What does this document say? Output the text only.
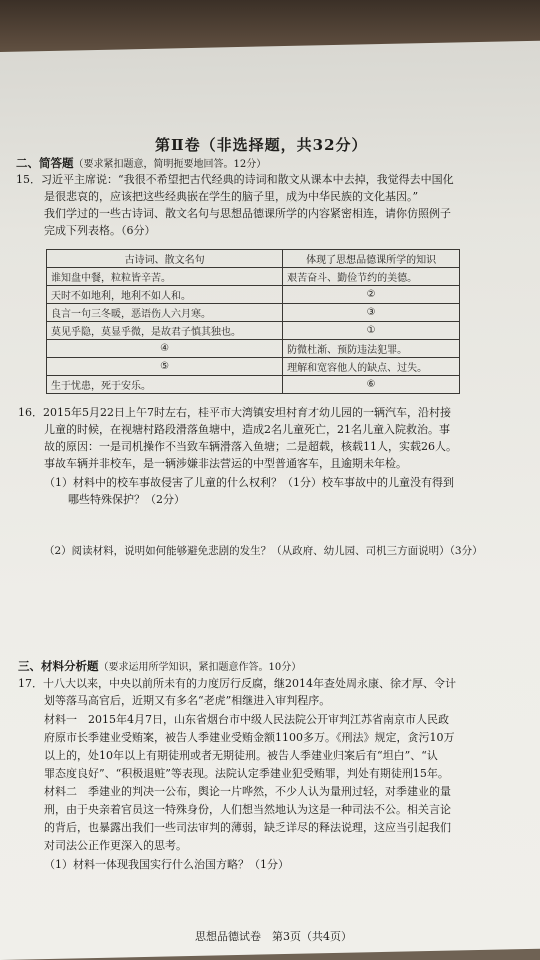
第Ⅱ卷（非选择题，共32分）
二、简答题（要求紧扣题意，简明扼要地回答。12分）
15．习近平主席说：“我很不希望把古代经典的诗词和散文从课本中去掉，我觉得去中国化
是很悲哀的，应该把这些经典嵌在学生的脑子里，成为中华民族的文化基因。”
我们学过的一些古诗词、散文名句与思想品德课所学的内容紧密相连，请你仿照例子
完成下列表格。（6分）
古诗词、散文名句	体现了思想品德课所学的知识
谁知盘中餐，粒粒皆辛苦。	艰苦奋斗、勤俭节约的美德。
天时不如地利，地利不如人和。	②
良言一句三冬暖，恶语伤人六月寒。	③
莫见乎隐，莫显乎微，是故君子慎其独也。	①
④	防微杜渐、预防违法犯罪。
⑤	理解和宽容他人的缺点、过失。
生于忧患，死于安乐。	⑥
16．2015年5月22日上午7时左右，桂平市大湾镇安坦村育才幼儿园的一辆汽车，沿村接
儿童的时候，在视塘村路段滑落鱼塘中，造成2名儿童死亡，21名儿童入院救治。事
故的原因：一是司机操作不当致车辆滑落入鱼塘；二是超载，核载11人，实载26人。
事故车辆并非校车，是一辆涉嫌非法营运的中型普通客车，且逾期未年检。
（1）材料中的校车事故侵害了儿童的什么权利？（1分）校车事故中的儿童没有得到
哪些特殊保护？（2分）
（2）阅读材料，说明如何能够避免悲剧的发生？（从政府、幼儿园、司机三方面说明）（3分）
三、材料分析题（要求运用所学知识，紧扣题意作答。10分）
17．十八大以来，中央以前所未有的力度厉行反腐，继2014年查处周永康、徐才厚、令计
划等落马高官后，近期又有多名“老虎”相继进入审判程序。
材料一　2015年4月7日，山东省烟台市中级人民法院公开审判江苏省南京市人民政
府原市长季建业受贿案，被告人季建业受贿金额1100多万。《刑法》规定，贪污10万
以上的，处10年以上有期徒刑或者无期徒刑。被告人季建业归案后有“坦白”、“认
罪态度良好”、“积极退赃”等表现。法院认定季建业犯受贿罪，判处有期徒刑15年。
材料二　季建业的判决一公布，舆论一片哗然，不少人认为量刑过轻，对季建业的量
刑，由于央亲着官员这一特殊身份，人们想当然地认为这是一种司法不公。相关言论
的背后，也暴露出我们一些司法审判的薄弱，缺乏详尽的释法说理，这应当引起我们
对司法公正作更深入的思考。
（1）材料一体现我国实行什么治国方略？（1分）
思想品德试卷　第3页（共4页）
